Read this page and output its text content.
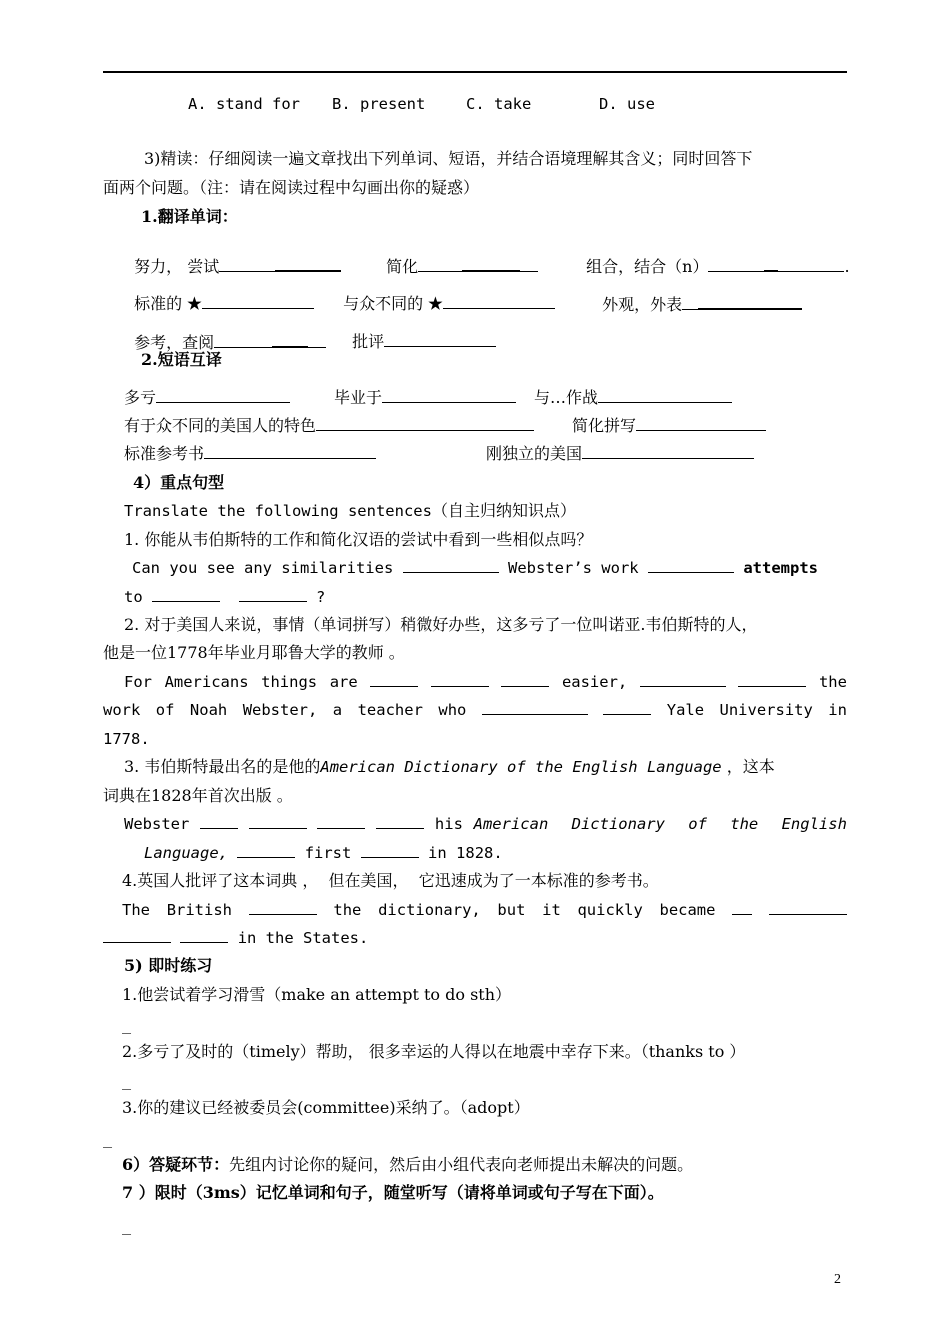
A. stand for B. present	C. take	D. use
3)精读：仔细阅读一遍文章找出下列单词、短语，并结合语境理解其含义；同时回答下
面两个问题。（注：请在阅读过程中勾画出你的疑惑）
1.翻译单词：

努力， 尝试	简化	组合，结合（n）	.

标准的 ★	与众不同的 ★	外观，外表

参考，查阅	批评

2.短语互译
多亏	毕业于	与…作战
有于众不同的美国人的特色	简化拼写
标准参考书	刚独立的美国
4）重点句型
Translate the following sentences（自主归纳知识点）
1. 你能从韦伯斯特的工作和简化汉语的尝试中看到一些相似点吗？
Can you see any similarities	Webster’s work	attempts
to	?
2. 对于美国人来说，事情（单词拼写）稍微好办些，这多亏了一位叫诺亚.韦伯斯特的人，
他是一位1778年毕业月耶鲁大学的教师 。
For Americans things are	easier,	the
work of Noah Webster, a teacher who	Yale University in
1778.
3. 韦伯斯特最出名的是他的American Dictionary of the English Language ，这本
词典在1828年首次出版 。
Webster	his American Dictionary of the English
Language,	first	in 1828.
4.英国人批评了这本词典 ，  但在美国，  它迅速成为了一本标准的参考书。
The British	the dictionary, but it quickly became
in the States.
5) 即时练习
1.他尝试着学习滑雪（make an attempt to do sth）
_
2.多亏了及时的（timely）帮助， 很多幸运的人得以在地震中幸存下来。（thanks to ）
_
3.你的建议已经被委员会(committee)采纳了。（adopt）
_
6）答疑环节：先组内讨论你的疑问，然后由小组代表向老师提出未解决的问题。
7 ）限时（3ms）记忆单词和句子，随堂听写（请将单词或句子写在下面）。
_
2
